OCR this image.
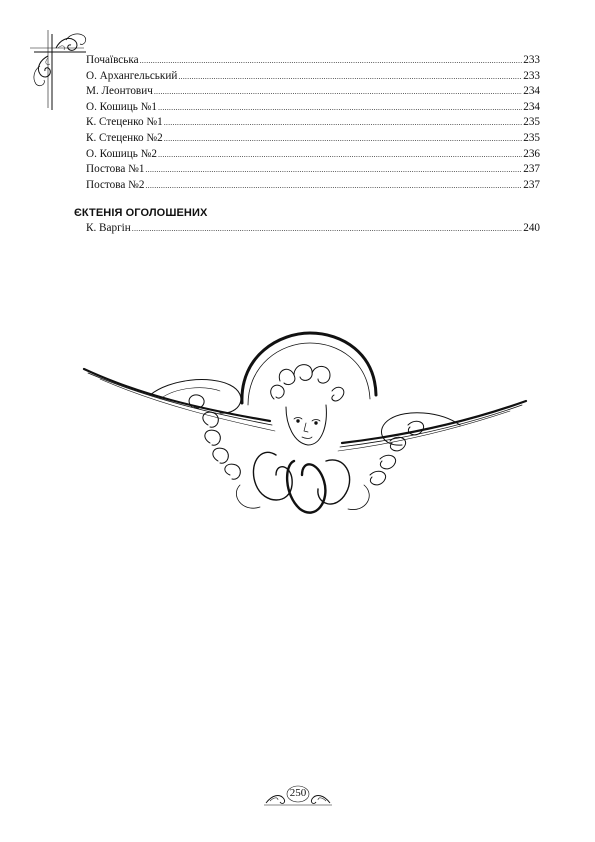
Почаївська .....	233
О. Архангельський .....	233
М. Леонтович .....	234
О. Кошиць №1 .....	234
К. Стеценко №1 .....	235
К. Стеценко №2 .....	235
О. Кошиць №2 .....	236
Постова №1 .....	237
Постова №2 .....	237
ЄКТЕНІЯ ОГОЛОШЕНИХ
К. Варгін .....	240
250
